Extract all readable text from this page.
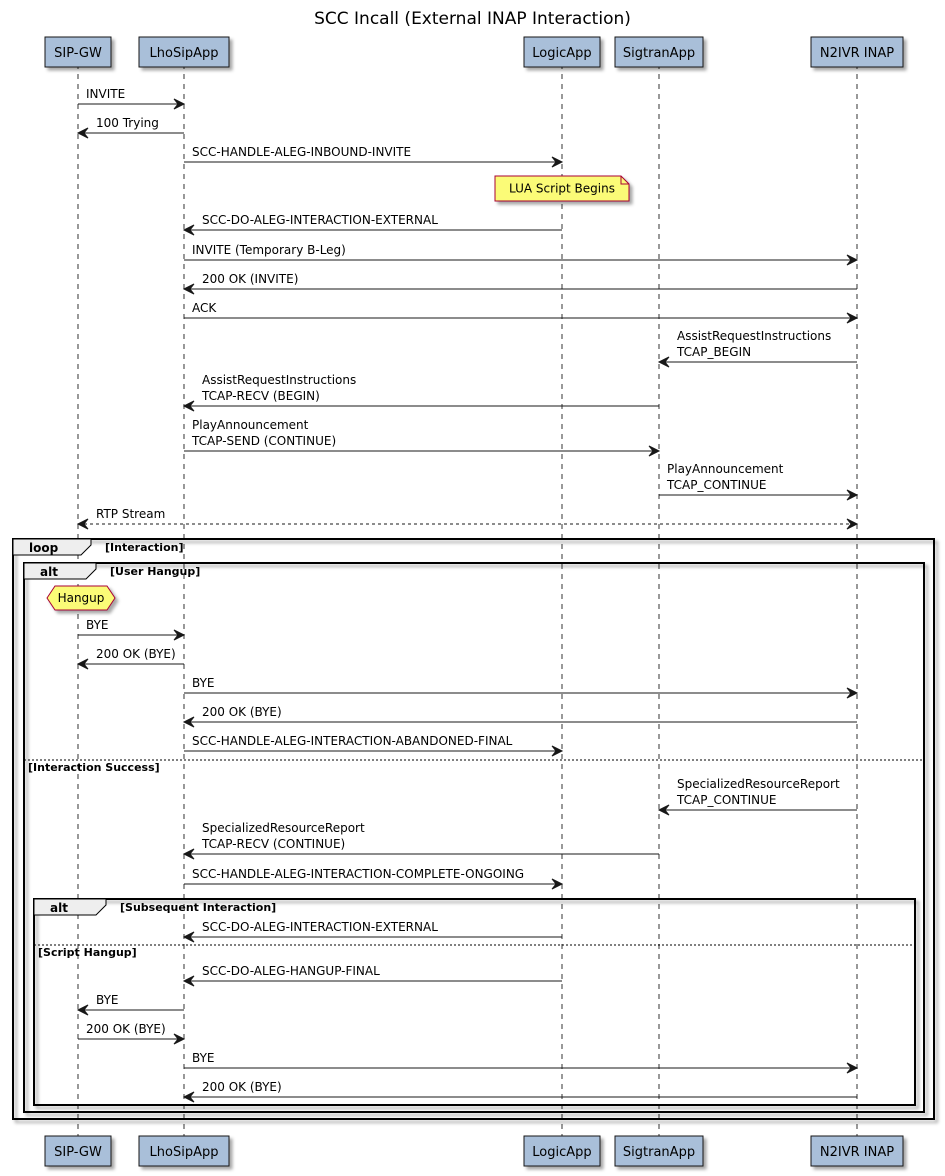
SCC Incall (External INAP Interaction)
loop	[Interaction]
alt	[User Hangup]
[Interaction Success]
alt	[Subsequent Interaction]
[Script Hangup]
INVITE
100 Trying
SCC-HANDLE-ALEG-INBOUND-INVITE
SCC-DO-ALEG-INTERACTION-EXTERNAL
INVITE (Temporary B-Leg)
200 OK (INVITE)
ACK
AssistRequestInstructions
TCAP_BEGIN
AssistRequestInstructions
TCAP-RECV (BEGIN)
PlayAnnouncement
TCAP-SEND (CONTINUE)
PlayAnnouncement
TCAP_CONTINUE
RTP Stream
BYE
200 OK (BYE)
BYE
200 OK (BYE)
SCC-HANDLE-ALEG-INTERACTION-ABANDONED-FINAL
SpecializedResourceReport
TCAP_CONTINUE
SpecializedResourceReport
TCAP-RECV (CONTINUE)
SCC-HANDLE-ALEG-INTERACTION-COMPLETE-ONGOING
SCC-DO-ALEG-INTERACTION-EXTERNAL
SCC-DO-ALEG-HANGUP-FINAL
BYE
200 OK (BYE)
BYE
200 OK (BYE)
LUA Script Begins
Hangup
SIP-GW
SIP-GW
LhoSipApp
LhoSipApp
LogicApp
LogicApp
SigtranApp
SigtranApp
N2IVR INAP
N2IVR INAP
